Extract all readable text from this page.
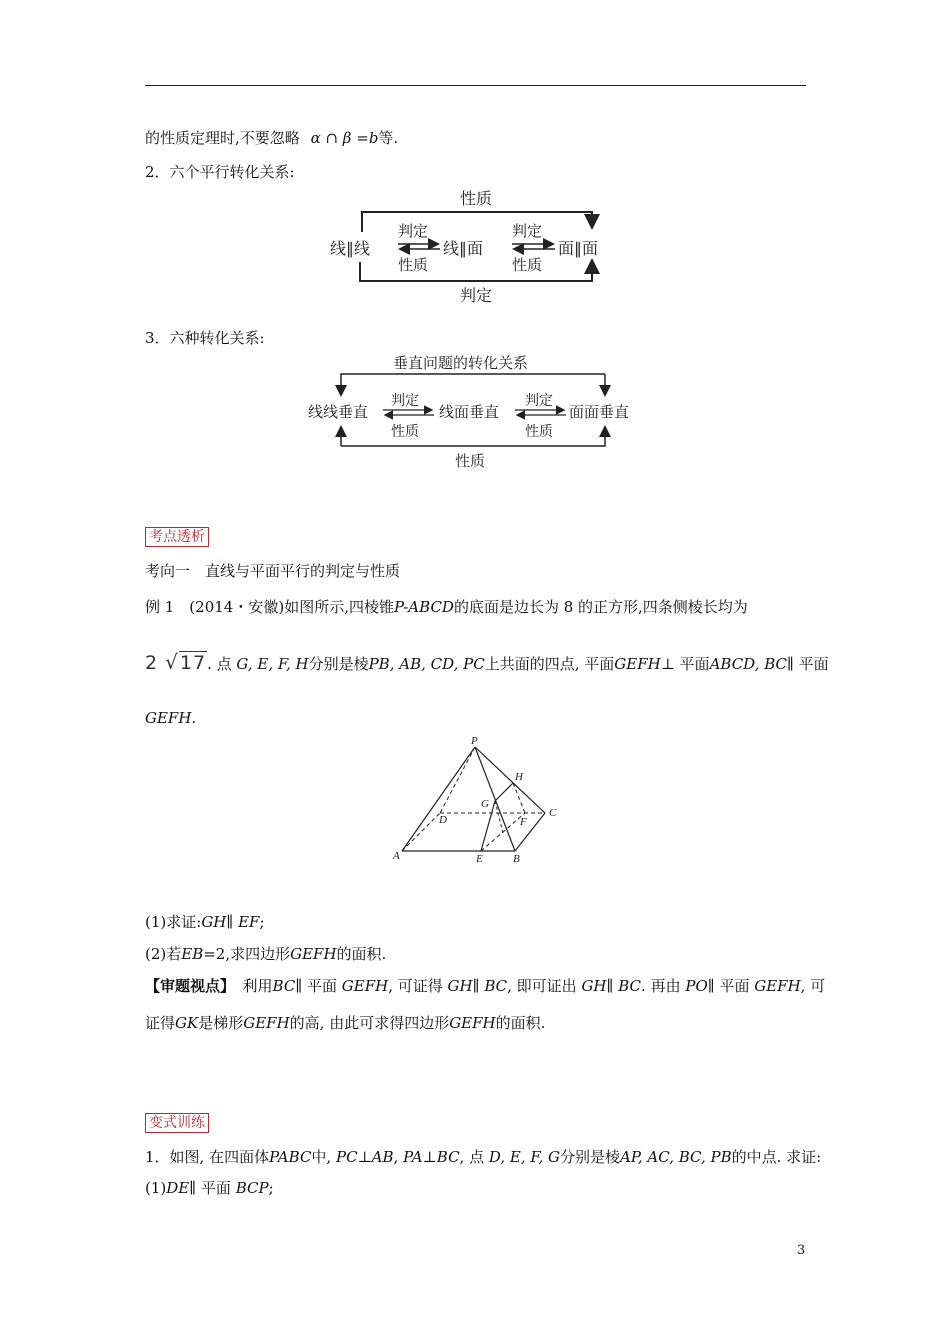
的性质定理时,不要忽略 α ∩ β =b等.
2．六个平行转化关系:
性质
线∥线
判定
性质
线∥面
判定
性质
面∥面
判定
3．六种转化关系:
垂直问题的转化关系
线线垂直
判定
性质
线面垂直
判定
性质
面面垂直
性质
考点透析
考向一　直线与平面平行的判定与性质
例 1　(2014・安徽)如图所示,四棱锥P-ABCD的底面是边长为 8 的正方形,四条侧棱长均为
2 √17. 点 G, E, F, H分别是棱PB, AB, CD, PC上共面的四点, 平面GEFH⊥ 平面ABCD, BC∥ 平面
GEFH.
P
H
G
C
D	F
A	E	B
(1)求证:GH∥ EF;
(2)若EB=2,求四边形GEFH的面积.
【审题视点】　利用BC∥ 平面 GEFH, 可证得 GH∥ BC, 即可证出 GH∥ BC. 再由 PO∥ 平面 GEFH, 可
证得GK是梯形GEFH的高, 由此可求得四边形GEFH的面积.
变式训练
1．如图, 在四面体PABC中, PC⊥AB, PA⊥BC, 点 D, E, F, G分别是棱AP, AC, BC, PB的中点. 求证:
(1)DE∥ 平面 BCP;
3
